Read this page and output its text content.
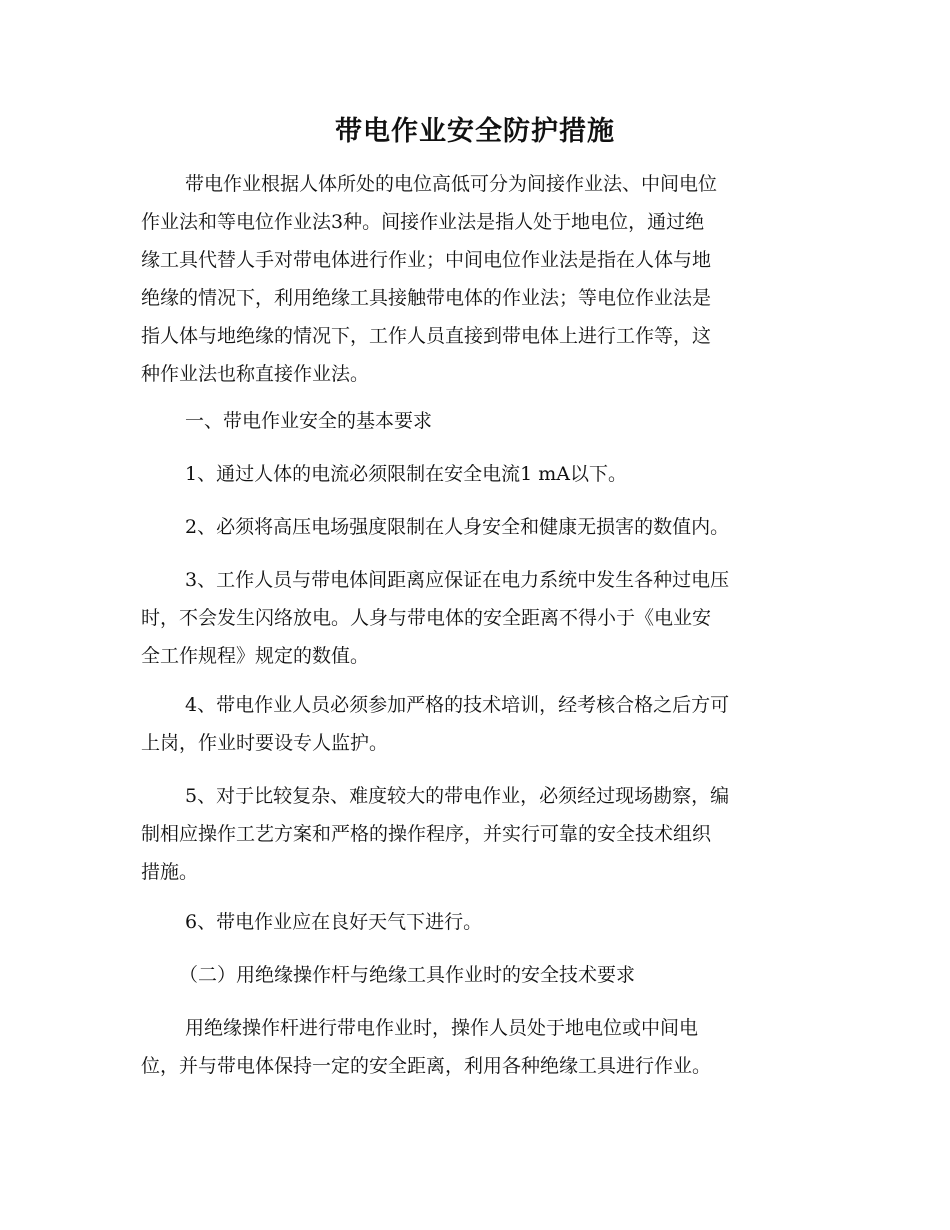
带电作业安全防护措施
带电作业根据人体所处的电位高低可分为间接作业法、中间电位
作业法和等电位作业法3种。间接作业法是指人处于地电位，通过绝
缘工具代替人手对带电体进行作业；中间电位作业法是指在人体与地
绝缘的情况下，利用绝缘工具接触带电体的作业法；等电位作业法是
指人体与地绝缘的情况下，工作人员直接到带电体上进行工作等，这
种作业法也称直接作业法。
一、带电作业安全的基本要求
1、通过人体的电流必须限制在安全电流1 mA以下。
2、必须将高压电场强度限制在人身安全和健康无损害的数值内。
3、工作人员与带电体间距离应保证在电力系统中发生各种过电压
时，不会发生闪络放电。人身与带电体的安全距离不得小于《电业安
全工作规程》规定的数值。
4、带电作业人员必须参加严格的技术培训，经考核合格之后方可
上岗，作业时要设专人监护。
5、对于比较复杂、难度较大的带电作业，必须经过现场勘察，编
制相应操作工艺方案和严格的操作程序，并实行可靠的安全技术组织
措施。
6、带电作业应在良好天气下进行。
（二）用绝缘操作杆与绝缘工具作业时的安全技术要求
用绝缘操作杆进行带电作业时，操作人员处于地电位或中间电
位，并与带电体保持一定的安全距离，利用各种绝缘工具进行作业。
